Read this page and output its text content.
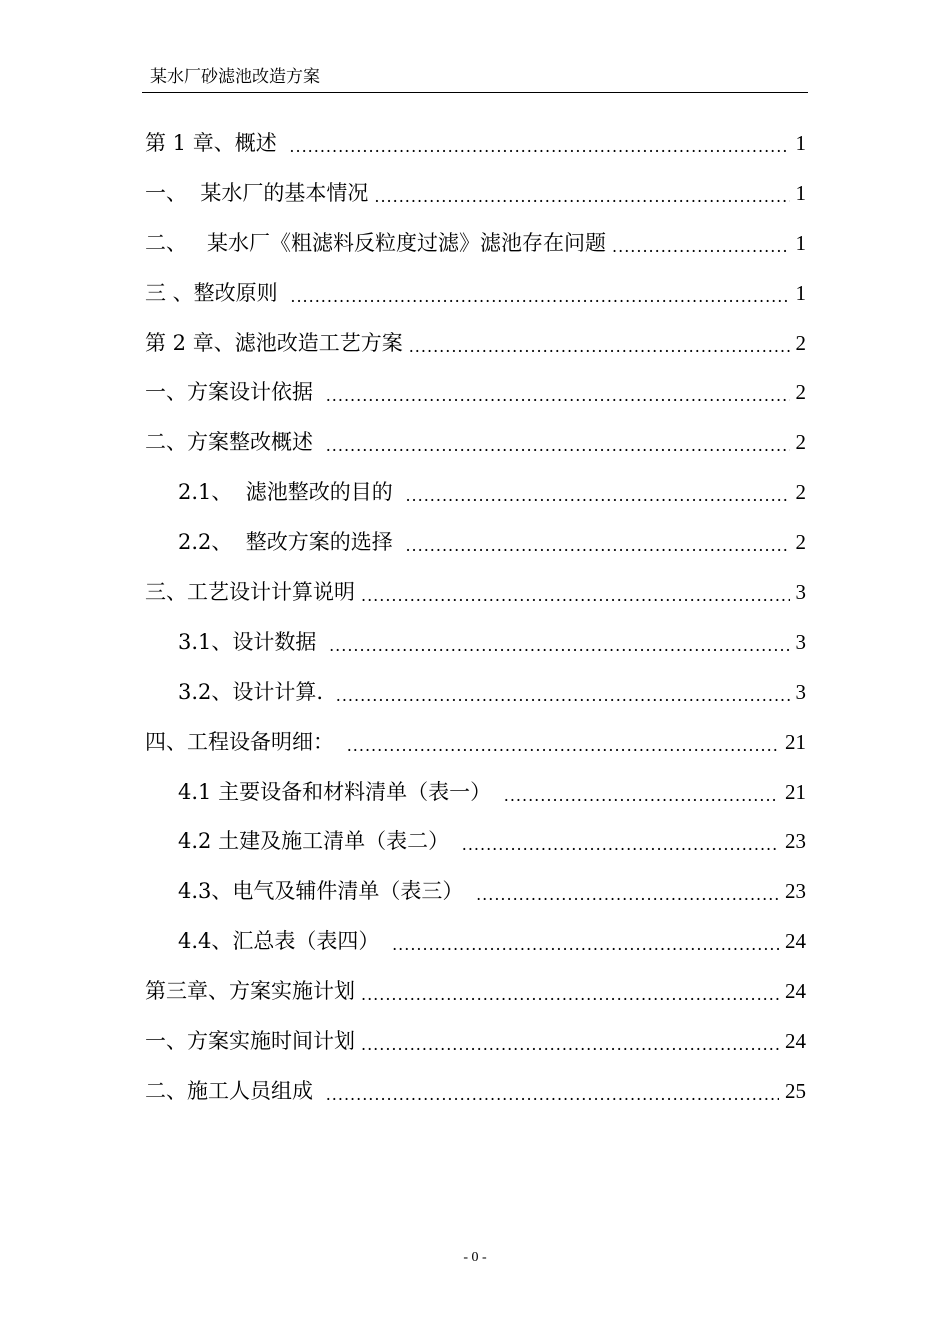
某水厂砂滤池改造方案
第 1 章、概述 .....	1
一、  某水厂的基本情况 .....	1
二、   某水厂《粗滤料反粒度过滤》滤池存在问题 .....	1
三 、整改原则 .....	1
第 2 章、滤池改造工艺方案 .....	2
一、方案设计依据 .....	2
二、方案整改概述 .....	2
2.1、  滤池整改的目的 .....	2
2.2、  整改方案的选择 .....	2
三、工艺设计计算说明 .....	3
3.1、设计数据 .....	3
3.2、设计计算. .....	3
四、工程设备明细： .....	21
4.1 主要设备和材料清单（表一） .....	21
4.2 土建及施工清单（表二） .....	23
4.3、电气及辅件清单（表三） .....	23
4.4、汇总表（表四） .....	24
第三章、方案实施计划 .....	24
一、方案实施时间计划 .....	24
二、施工人员组成 .....	25
- 0 -
